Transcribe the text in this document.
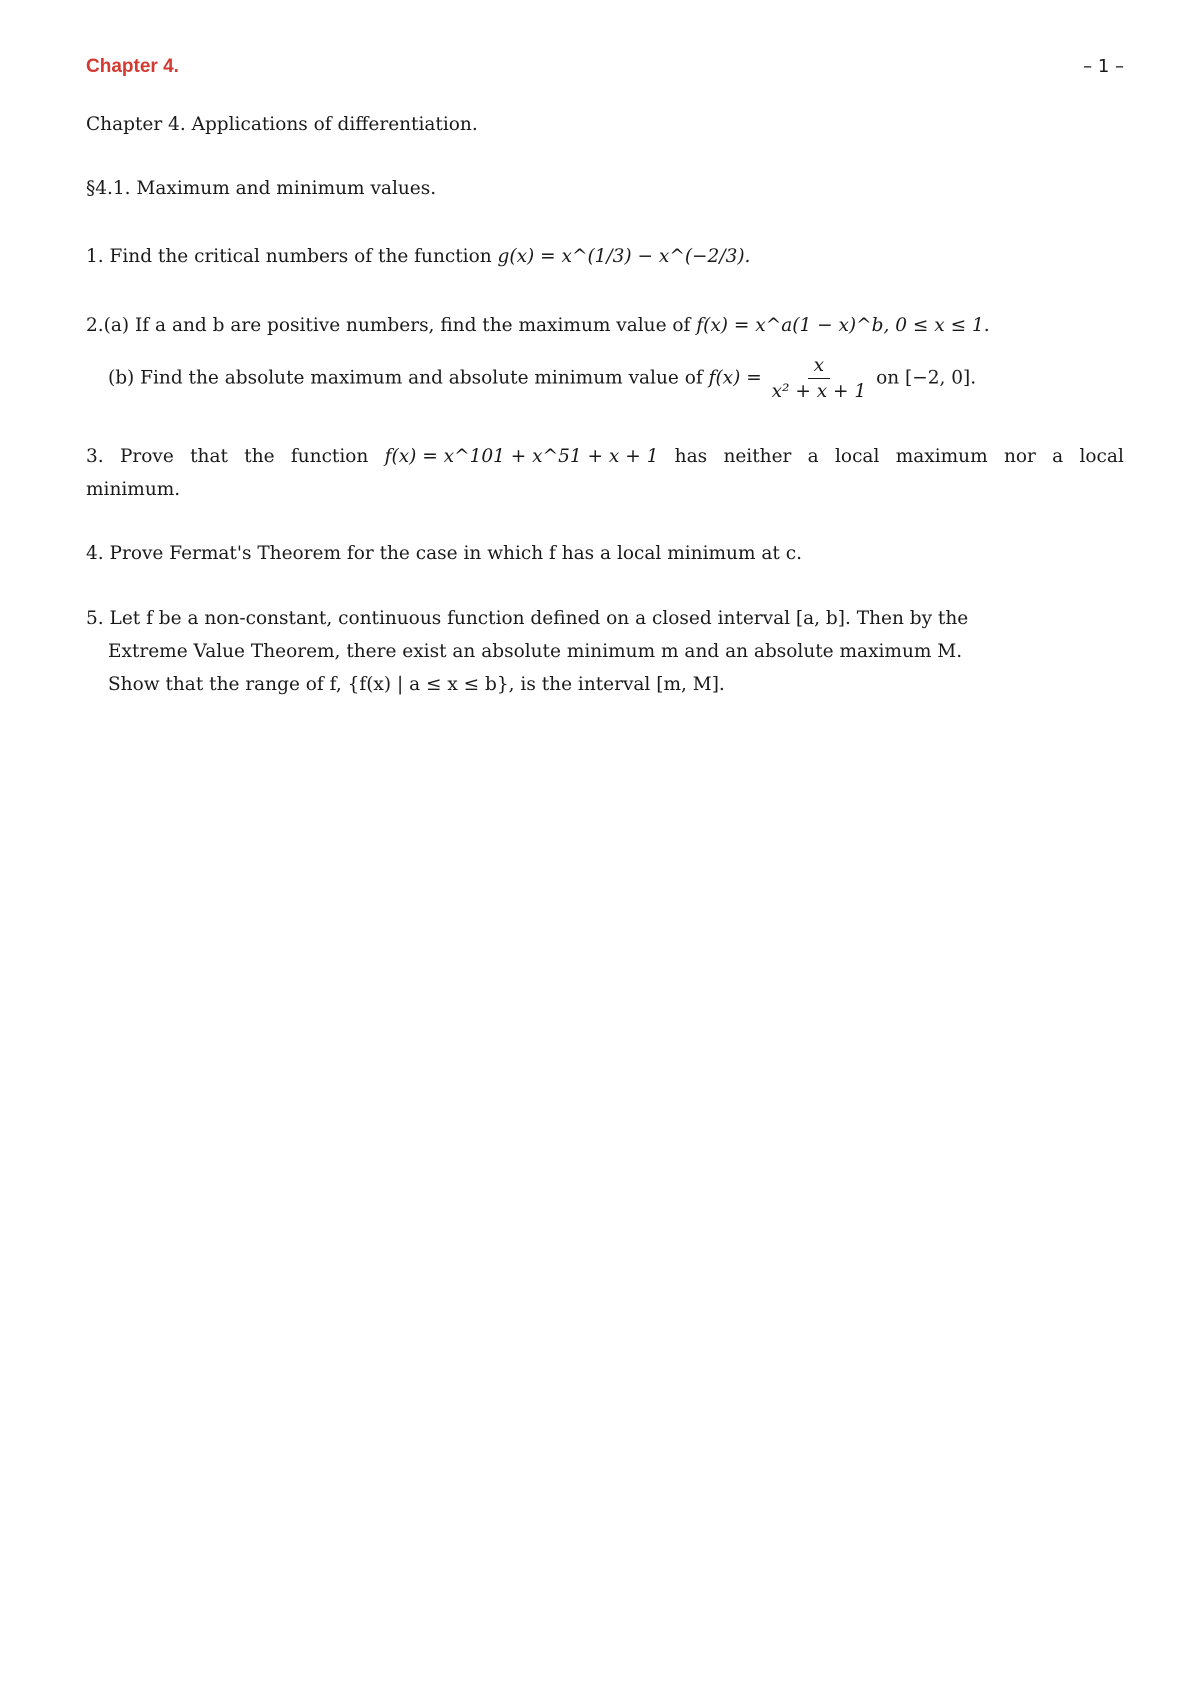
Chapter 4.	– 1 –
Chapter 4. Applications of differentiation.
§4.1. Maximum and minimum values.
1. Find the critical numbers of the function g(x) = x^(1/3) − x^(−2/3).
2.(a) If a and b are positive numbers, find the maximum value of f(x) = x^a(1 − x)^b, 0 ≤ x ≤ 1.
(b) Find the absolute maximum and absolute minimum value of $f(x) = \frac{x}{\text{x² + x + 1}}$ on [−2, 0].
3. Prove that the function f(x) = x^101 + x^51 + x + 1 has neither a local maximum nor a local
minimum.
4. Prove Fermat's Theorem for the case in which f has a local minimum at c.
5. Let f be a non-constant, continuous function defined on a closed interval [a, b]. Then by the
Extreme Value Theorem, there exist an absolute minimum m and an absolute maximum M.
Show that the range of f, {f(x) | a ≤ x ≤ b}, is the interval [m, M].
